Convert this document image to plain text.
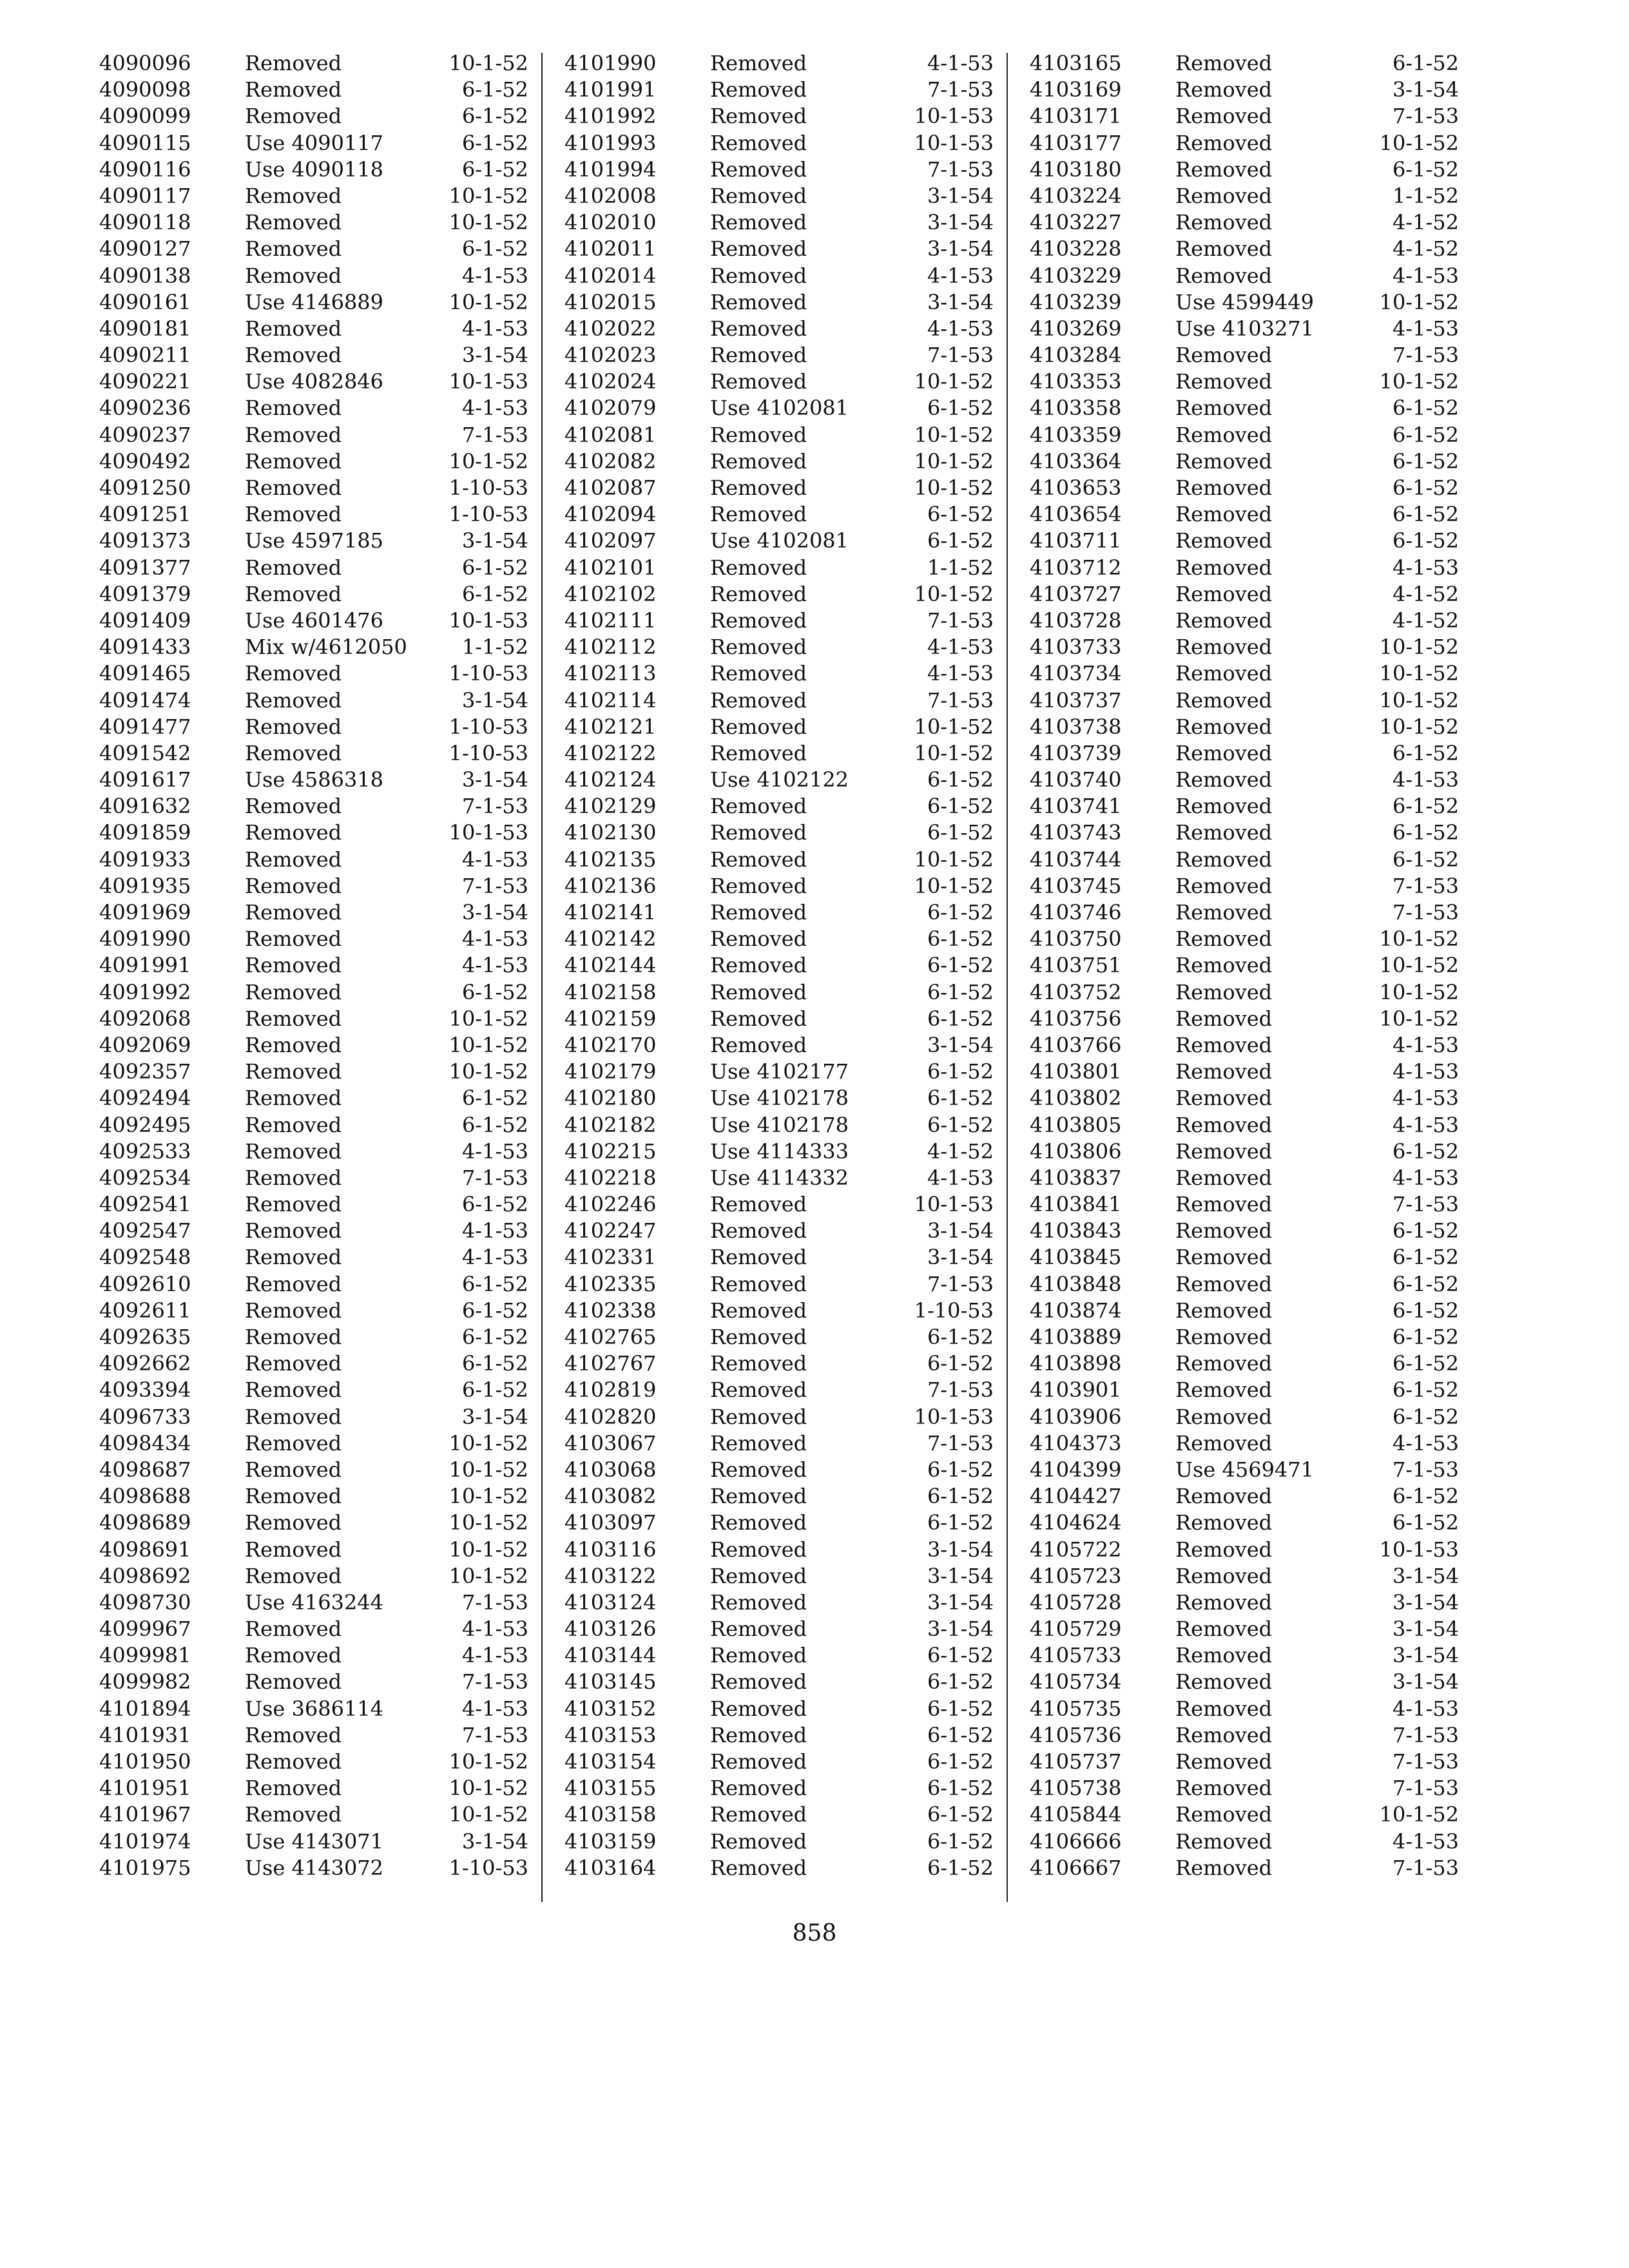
4090096	Removed	10-1-52
4090098	Removed	6-1-52
4090099	Removed	6-1-52
4090115	Use 4090117	6-1-52
4090116	Use 4090118	6-1-52
4090117	Removed	10-1-52
4090118	Removed	10-1-52
4090127	Removed	6-1-52
4090138	Removed	4-1-53
4090161	Use 4146889	10-1-52
4090181	Removed	4-1-53
4090211	Removed	3-1-54
4090221	Use 4082846	10-1-53
4090236	Removed	4-1-53
4090237	Removed	7-1-53
4090492	Removed	10-1-52
4091250	Removed	1-10-53
4091251	Removed	1-10-53
4091373	Use 4597185	3-1-54
4091377	Removed	6-1-52
4091379	Removed	6-1-52
4091409	Use 4601476	10-1-53
4091433	Mix w/4612050	1-1-52
4091465	Removed	1-10-53
4091474	Removed	3-1-54
4091477	Removed	1-10-53
4091542	Removed	1-10-53
4091617	Use 4586318	3-1-54
4091632	Removed	7-1-53
4091859	Removed	10-1-53
4091933	Removed	4-1-53
4091935	Removed	7-1-53
4091969	Removed	3-1-54
4091990	Removed	4-1-53
4091991	Removed	4-1-53
4091992	Removed	6-1-52
4092068	Removed	10-1-52
4092069	Removed	10-1-52
4092357	Removed	10-1-52
4092494	Removed	6-1-52
4092495	Removed	6-1-52
4092533	Removed	4-1-53
4092534	Removed	7-1-53
4092541	Removed	6-1-52
4092547	Removed	4-1-53
4092548	Removed	4-1-53
4092610	Removed	6-1-52
4092611	Removed	6-1-52
4092635	Removed	6-1-52
4092662	Removed	6-1-52
4093394	Removed	6-1-52
4096733	Removed	3-1-54
4098434	Removed	10-1-52
4098687	Removed	10-1-52
4098688	Removed	10-1-52
4098689	Removed	10-1-52
4098691	Removed	10-1-52
4098692	Removed	10-1-52
4098730	Use 4163244	7-1-53
4099967	Removed	4-1-53
4099981	Removed	4-1-53
4099982	Removed	7-1-53
4101894	Use 3686114	4-1-53
4101931	Removed	7-1-53
4101950	Removed	10-1-52
4101951	Removed	10-1-52
4101967	Removed	10-1-52
4101974	Use 4143071	3-1-54
4101975	Use 4143072	1-10-53
4101990	Removed	4-1-53
4101991	Removed	7-1-53
4101992	Removed	10-1-53
4101993	Removed	10-1-53
4101994	Removed	7-1-53
4102008	Removed	3-1-54
4102010	Removed	3-1-54
4102011	Removed	3-1-54
4102014	Removed	4-1-53
4102015	Removed	3-1-54
4102022	Removed	4-1-53
4102023	Removed	7-1-53
4102024	Removed	10-1-52
4102079	Use 4102081	6-1-52
4102081	Removed	10-1-52
4102082	Removed	10-1-52
4102087	Removed	10-1-52
4102094	Removed	6-1-52
4102097	Use 4102081	6-1-52
4102101	Removed	1-1-52
4102102	Removed	10-1-52
4102111	Removed	7-1-53
4102112	Removed	4-1-53
4102113	Removed	4-1-53
4102114	Removed	7-1-53
4102121	Removed	10-1-52
4102122	Removed	10-1-52
4102124	Use 4102122	6-1-52
4102129	Removed	6-1-52
4102130	Removed	6-1-52
4102135	Removed	10-1-52
4102136	Removed	10-1-52
4102141	Removed	6-1-52
4102142	Removed	6-1-52
4102144	Removed	6-1-52
4102158	Removed	6-1-52
4102159	Removed	6-1-52
4102170	Removed	3-1-54
4102179	Use 4102177	6-1-52
4102180	Use 4102178	6-1-52
4102182	Use 4102178	6-1-52
4102215	Use 4114333	4-1-52
4102218	Use 4114332	4-1-53
4102246	Removed	10-1-53
4102247	Removed	3-1-54
4102331	Removed	3-1-54
4102335	Removed	7-1-53
4102338	Removed	1-10-53
4102765	Removed	6-1-52
4102767	Removed	6-1-52
4102819	Removed	7-1-53
4102820	Removed	10-1-53
4103067	Removed	7-1-53
4103068	Removed	6-1-52
4103082	Removed	6-1-52
4103097	Removed	6-1-52
4103116	Removed	3-1-54
4103122	Removed	3-1-54
4103124	Removed	3-1-54
4103126	Removed	3-1-54
4103144	Removed	6-1-52
4103145	Removed	6-1-52
4103152	Removed	6-1-52
4103153	Removed	6-1-52
4103154	Removed	6-1-52
4103155	Removed	6-1-52
4103158	Removed	6-1-52
4103159	Removed	6-1-52
4103164	Removed	6-1-52
4103165	Removed	6-1-52
4103169	Removed	3-1-54
4103171	Removed	7-1-53
4103177	Removed	10-1-52
4103180	Removed	6-1-52
4103224	Removed	1-1-52
4103227	Removed	4-1-52
4103228	Removed	4-1-52
4103229	Removed	4-1-53
4103239	Use 4599449	10-1-52
4103269	Use 4103271	4-1-53
4103284	Removed	7-1-53
4103353	Removed	10-1-52
4103358	Removed	6-1-52
4103359	Removed	6-1-52
4103364	Removed	6-1-52
4103653	Removed	6-1-52
4103654	Removed	6-1-52
4103711	Removed	6-1-52
4103712	Removed	4-1-53
4103727	Removed	4-1-52
4103728	Removed	4-1-52
4103733	Removed	10-1-52
4103734	Removed	10-1-52
4103737	Removed	10-1-52
4103738	Removed	10-1-52
4103739	Removed	6-1-52
4103740	Removed	4-1-53
4103741	Removed	6-1-52
4103743	Removed	6-1-52
4103744	Removed	6-1-52
4103745	Removed	7-1-53
4103746	Removed	7-1-53
4103750	Removed	10-1-52
4103751	Removed	10-1-52
4103752	Removed	10-1-52
4103756	Removed	10-1-52
4103766	Removed	4-1-53
4103801	Removed	4-1-53
4103802	Removed	4-1-53
4103805	Removed	4-1-53
4103806	Removed	6-1-52
4103837	Removed	4-1-53
4103841	Removed	7-1-53
4103843	Removed	6-1-52
4103845	Removed	6-1-52
4103848	Removed	6-1-52
4103874	Removed	6-1-52
4103889	Removed	6-1-52
4103898	Removed	6-1-52
4103901	Removed	6-1-52
4103906	Removed	6-1-52
4104373	Removed	4-1-53
4104399	Use 4569471	7-1-53
4104427	Removed	6-1-52
4104624	Removed	6-1-52
4105722	Removed	10-1-53
4105723	Removed	3-1-54
4105728	Removed	3-1-54
4105729	Removed	3-1-54
4105733	Removed	3-1-54
4105734	Removed	3-1-54
4105735	Removed	4-1-53
4105736	Removed	7-1-53
4105737	Removed	7-1-53
4105738	Removed	7-1-53
4105844	Removed	10-1-52
4106666	Removed	4-1-53
4106667	Removed	7-1-53
858
